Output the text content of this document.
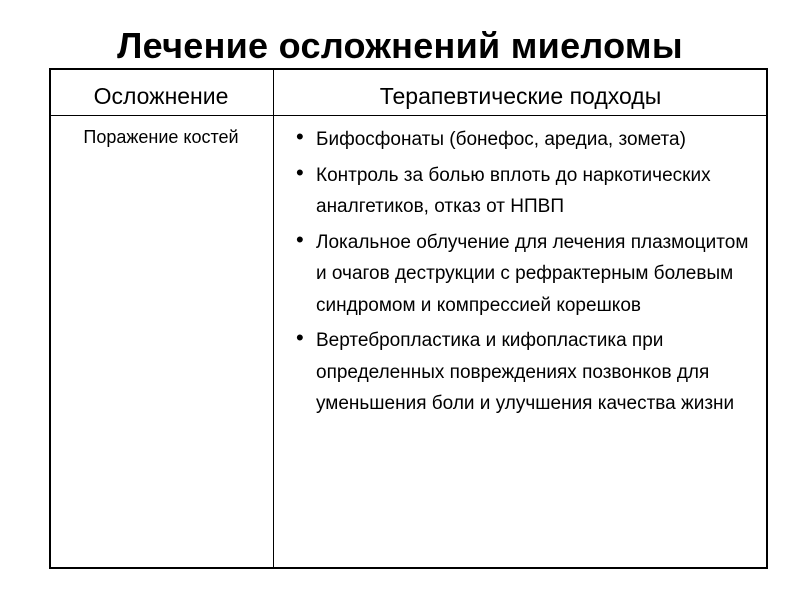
Лечение осложнений миеломы
Осложнение	Терапевтические подходы
Поражение костей	• Бифосфонаты (бонефос, аредиа, зомета)
• Контроль за болью вплоть до наркотических аналгетиков, отказ от НПВП
• Локальное облучение для лечения плазмоцитом и очагов деструкции с рефрактерным болевым синдромом и компрессией корешков
• Вертебропластика и кифопластика при определенных повреждениях позвонков для уменьшения боли и улучшения качества жизни
